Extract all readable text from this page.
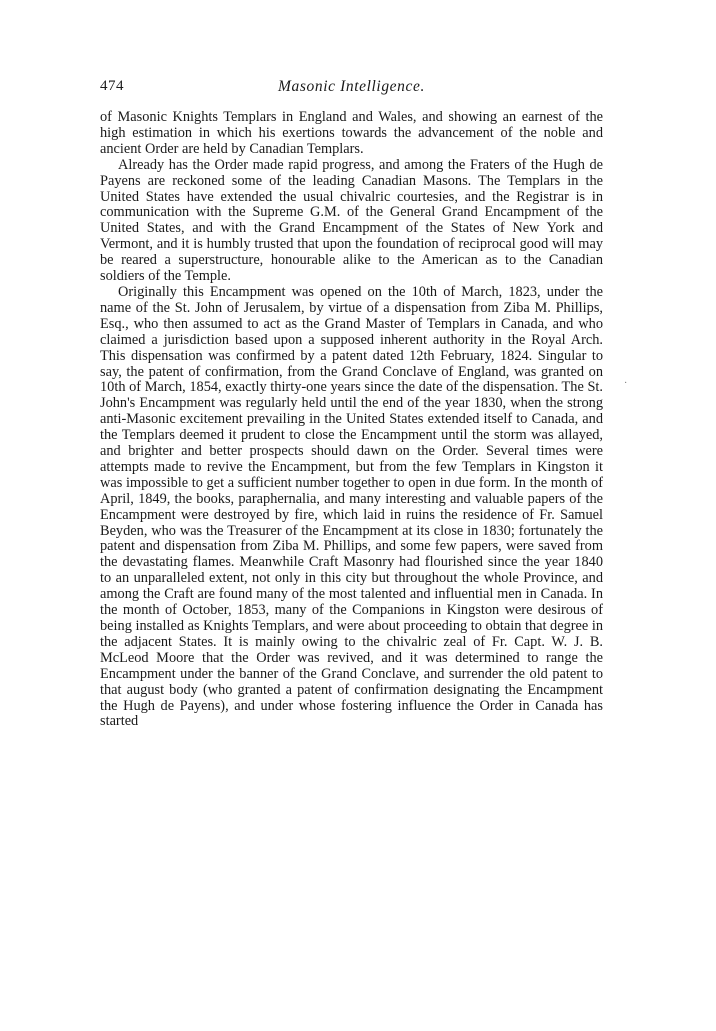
474	Masonic Intelligence.

of Masonic Knights Templars in England and Wales, and showing an earnest of the high estimation in which his exertions towards the advancement of the noble and ancient Order are held by Canadian Templars.

Already has the Order made rapid progress, and among the Fraters of the Hugh de Payens are reckoned some of the leading Canadian Masons. The Templars in the United States have extended the usual chivalric courtesies, and the Registrar is in communication with the Supreme G.M. of the General Grand Encampment of the United States, and with the Grand Encampment of the States of New York and Vermont, and it is humbly trusted that upon the foundation of reciprocal good will may be reared a superstructure, honourable alike to the American as to the Canadian soldiers of the Temple.

Originally this Encampment was opened on the 10th of March, 1823, under the name of the St. John of Jerusalem, by virtue of a dispensation from Ziba M. Phillips, Esq., who then assumed to act as the Grand Master of Templars in Canada, and who claimed a jurisdiction based upon a supposed inherent authority in the Royal Arch. This dispensation was confirmed by a patent dated 12th February, 1824. Singular to say, the patent of confirmation, from the Grand Conclave of England, was granted on 10th of March, 1854, exactly thirty-one years since the date of the dispensation. The St. John's Encampment was regularly held until the end of the year 1830, when the strong anti-Masonic excitement prevailing in the United States extended itself to Canada, and the Templars deemed it prudent to close the Encampment until the storm was allayed, and brighter and better prospects should dawn on the Order. Several times were attempts made to revive the Encampment, but from the few Templars in Kingston it was impossible to get a sufficient number together to open in due form. In the month of April, 1849, the books, paraphernalia, and many interesting and valuable papers of the Encampment were destroyed by fire, which laid in ruins the residence of Fr. Samuel Beyden, who was the Treasurer of the Encampment at its close in 1830; fortunately the patent and dispensation from Ziba M. Phillips, and some few papers, were saved from the devastating flames. Meanwhile Craft Masonry had flourished since the year 1840 to an unparalleled extent, not only in this city but throughout the whole Province, and among the Craft are found many of the most talented and influential men in Canada. In the month of October, 1853, many of the Companions in Kingston were desirous of being installed as Knights Templars, and were about proceeding to obtain that degree in the adjacent States. It is mainly owing to the chivalric zeal of Fr. Capt. W. J. B. McLeod Moore that the Order was revived, and it was determined to range the Encampment under the banner of the Grand Conclave, and surrender the old patent to that august body (who granted a patent of confirmation designating the Encampment the Hugh de Payens), and under whose fostering influence the Order in Canada has started

·
